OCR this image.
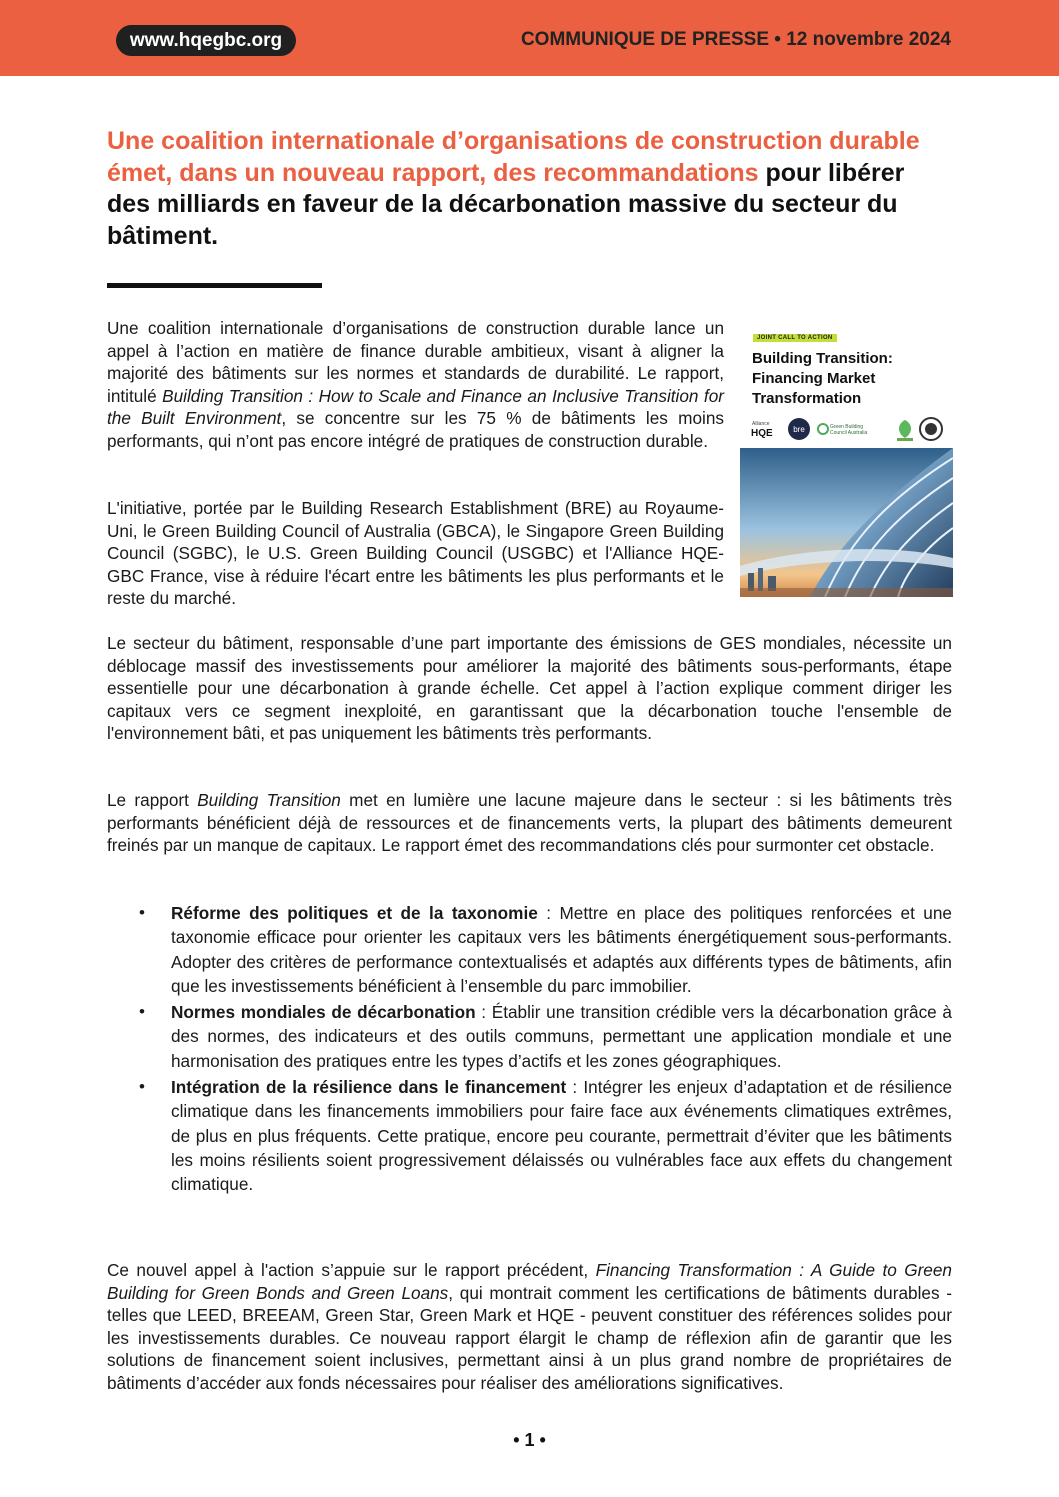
www.hqegbc.org	COMMUNIQUE DE PRESSE • 12 novembre 2024
Une coalition internationale d’organisations de construction durable émet, dans un nouveau rapport, des recommandations pour libérer des milliards en faveur de la décarbonation massive du secteur du bâtiment.

Une coalition internationale d’organisations de construction durable lance un appel à l’action en matière de finance durable ambitieux, visant à aligner la majorité des bâtiments sur les normes et standards de durabilité. Le rapport, intitulé Building Transition : How to Scale and Finance an Inclusive Transition for the Built Environment, se concentre sur les 75 % de bâtiments les moins performants, qui n’ont pas encore intégré de pratiques de construction durable.

L'initiative, portée par le Building Research Establishment (BRE) au Royaume-Uni, le Green Building Council of Australia (GBCA), le Singapore Green Building Council (SGBC), le U.S. Green Building Council (USGBC) et l'Alliance HQE-GBC France, vise à réduire l'écart entre les bâtiments les plus performants et le reste du marché.

JOINT CALL TO ACTION
Building Transition:
Financing Market
Transformation
Alliance
HQE	bre	Green Building
Council Australia

Le secteur du bâtiment, responsable d’une part importante des émissions de GES mondiales, nécessite un déblocage massif des investissements pour améliorer la majorité des bâtiments sous-performants, étape essentielle pour une décarbonation à grande échelle. Cet appel à l’action explique comment diriger les capitaux vers ce segment inexploité, en garantissant que la décarbonation touche l'ensemble de l'environnement bâti, et pas uniquement les bâtiments très performants.

Le rapport Building Transition met en lumière une lacune majeure dans le secteur : si les bâtiments très performants bénéficient déjà de ressources et de financements verts, la plupart des bâtiments demeurent freinés par un manque de capitaux. Le rapport émet des recommandations clés pour surmonter cet obstacle.

• Réforme des politiques et de la taxonomie : Mettre en place des politiques renforcées et une taxonomie efficace pour orienter les capitaux vers les bâtiments énergétiquement sous-performants. Adopter des critères de performance contextualisés et adaptés aux différents types de bâtiments, afin que les investissements bénéficient à l’ensemble du parc immobilier.
• Normes mondiales de décarbonation : Établir une transition crédible vers la décarbonation grâce à des normes, des indicateurs et des outils communs, permettant une application mondiale et une harmonisation des pratiques entre les types d’actifs et les zones géographiques.
• Intégration de la résilience dans le financement : Intégrer les enjeux d’adaptation et de résilience climatique dans les financements immobiliers pour faire face aux événements climatiques extrêmes, de plus en plus fréquents. Cette pratique, encore peu courante, permettrait d’éviter que les bâtiments les moins résilients soient progressivement délaissés ou vulnérables face aux effets du changement climatique.

Ce nouvel appel à l'action s’appuie sur le rapport précédent, Financing Transformation : A Guide to Green Building for Green Bonds and Green Loans, qui montrait comment les certifications de bâtiments durables - telles que LEED, BREEAM, Green Star, Green Mark et HQE - peuvent constituer des références solides pour les investissements durables. Ce nouveau rapport élargit le champ de réflexion afin de garantir que les solutions de financement soient inclusives, permettant ainsi à un plus grand nombre de propriétaires de bâtiments d’accéder aux fonds nécessaires pour réaliser des améliorations significatives.

• 1 •
